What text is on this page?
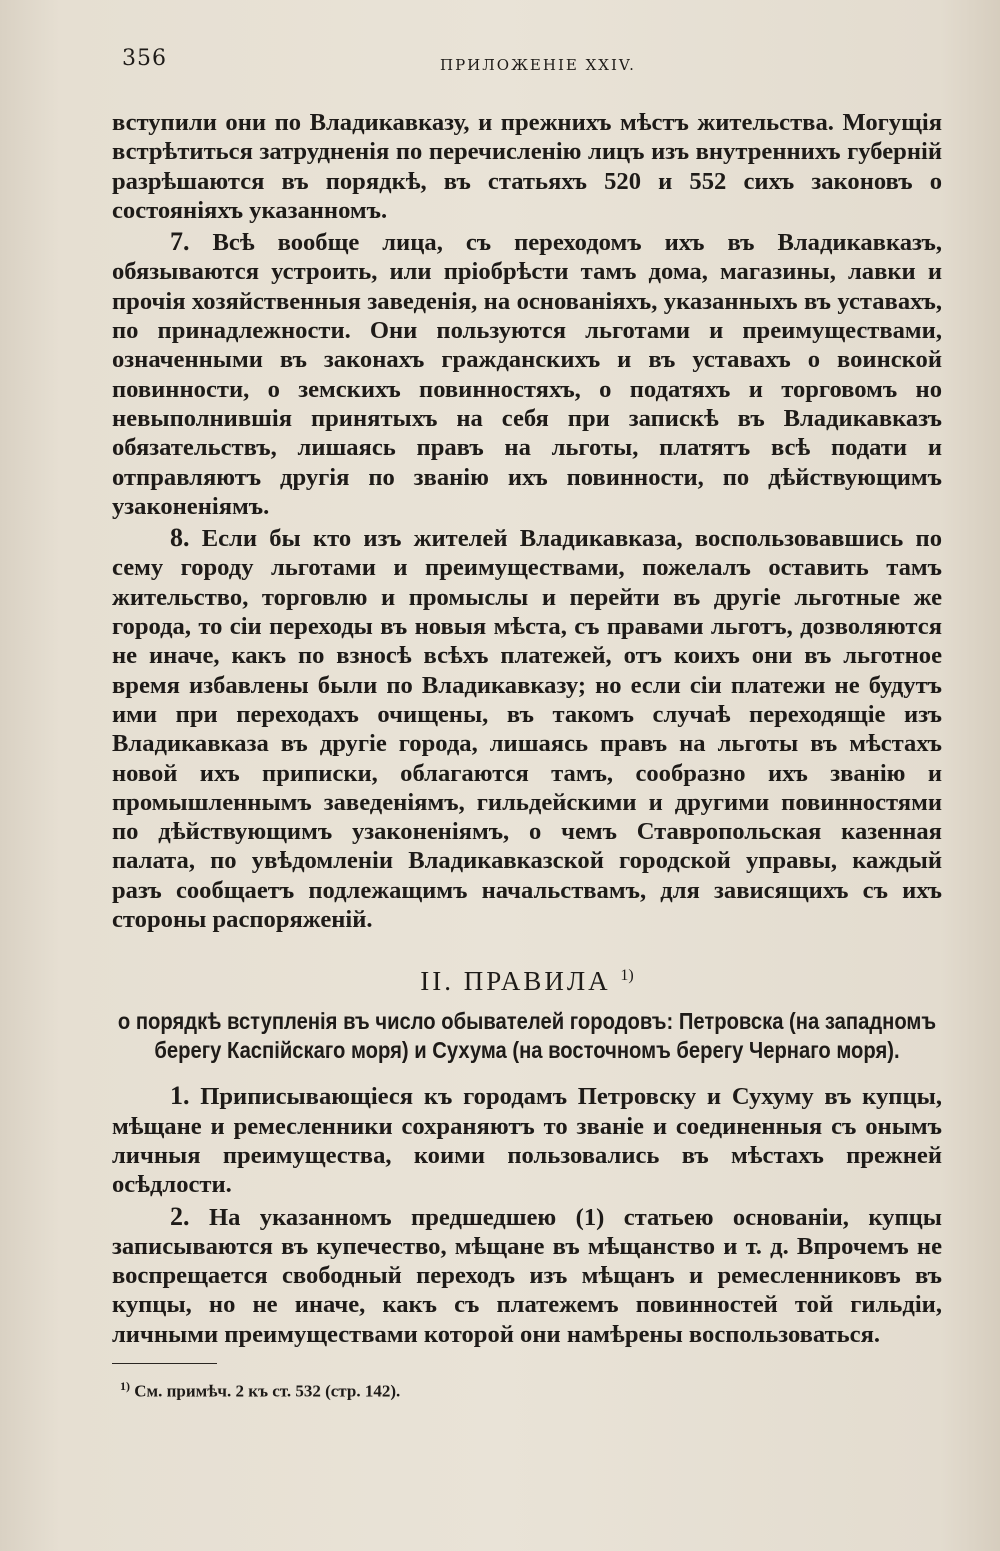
356	ПРИЛОЖЕНІЕ XXIV.

вступили они по Владикавказу, и прежнихъ мѣстъ жительства. Могущія встрѣтиться затрудненія по перечисленію лицъ изъ внутреннихъ губерній разрѣшаются въ порядкѣ, въ статьяхъ 520 и 552 сихъ законовъ о состояніяхъ указанномъ.

7. Всѣ вообще лица, съ переходомъ ихъ въ Владикавказъ, обязываются устроить, или пріобрѣсти тамъ дома, магазины, лавки и прочія хозяйственныя заведенія, на основаніяхъ, указанныхъ въ уставахъ, по принадлежности. Они пользуются льготами и преимуществами, означенными въ законахъ гражданскихъ и въ уставахъ о воинской повинности, о земскихъ повинностяхъ, о податяхъ и торговомъ но невыполнившія принятыхъ на себя при запискѣ въ Владикавказъ обязательствъ, лишаясь правъ на льготы, платятъ всѣ подати и отправляютъ другія по званію ихъ повинности, по дѣйствующимъ узаконеніямъ.

8. Если бы кто изъ жителей Владикавказа, воспользовавшись по сему городу льготами и преимуществами, пожелалъ оставить тамъ жительство, торговлю и промыслы и перейти въ другіе льготные же города, то сіи переходы въ новыя мѣста, съ правами льготъ, дозволяются не иначе, какъ по взносѣ всѣхъ платежей, отъ коихъ они въ льготное время избавлены были по Владикавказу; но если сіи платежи не будутъ ими при переходахъ очищены, въ такомъ случаѣ переходящіе изъ Владикавказа въ другіе города, лишаясь правъ на льготы въ мѣстахъ новой ихъ приписки, облагаются тамъ, сообразно ихъ званію и промышленнымъ заведеніямъ, гильдейскими и другими повинностями по дѣйствующимъ узаконеніямъ, о чемъ Ставропольская казенная палата, по увѣдомленіи Владикавказской городской управы, каждый разъ сообщаетъ подлежащимъ начальствамъ, для зависящихъ съ ихъ стороны распоряженій.

II. ПРАВИЛА $^{1)}$
о порядкѣ вступленія въ число обывателей городовъ: Петровска (на западномъ берегу Каспійскаго моря) и Сухума (на восточномъ берегу Чернаго моря).

1. Приписывающіеся къ городамъ Петровску и Сухуму въ купцы, мѣщане и ремесленники сохраняютъ то званіе и соединенныя съ онымъ личныя преимущества, коими пользовались въ мѣстахъ прежней осѣдлости.

2. На указанномъ предшедшею (1) статьею основаніи, купцы записываются въ купечество, мѣщане въ мѣщанство и т. д. Впрочемъ не воспрещается свободный переходъ изъ мѣщанъ и ремесленниковъ въ купцы, но не иначе, какъ съ платежемъ повинностей той гильдіи, личными преимуществами которой они намѣрены воспользоваться.

$^{1)}$ См. примѣч. 2 къ ст. 532 (стр. 142).
